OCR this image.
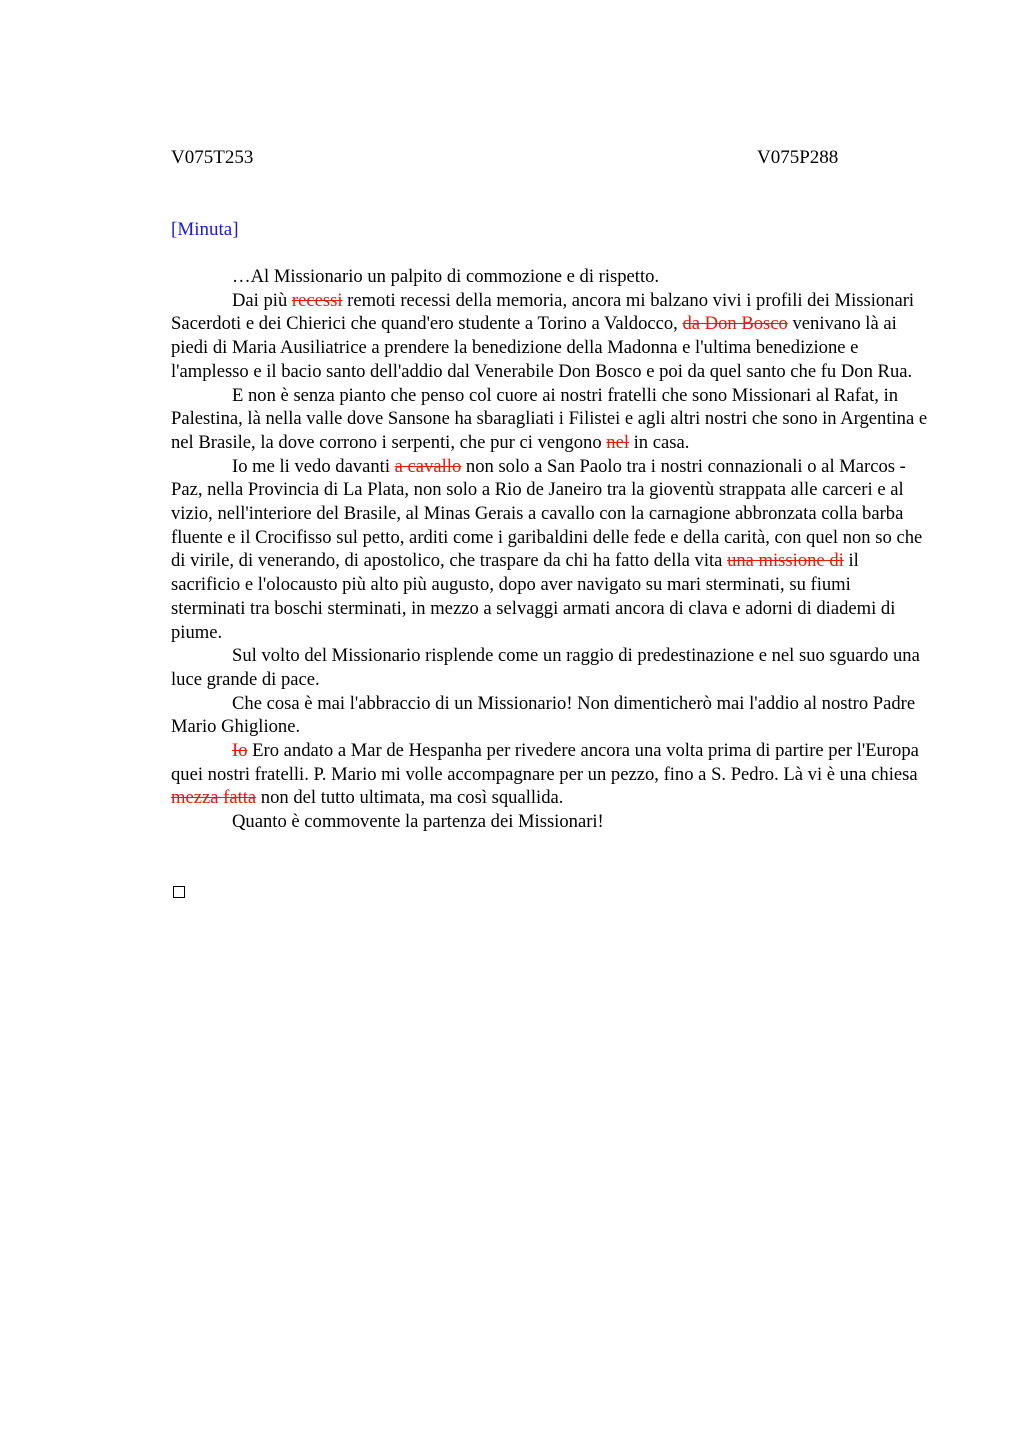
V075T253	V075P288
[Minuta]

…Al Missionario un palpito di commozione e di rispetto.

Dai più recessi remoti recessi della memoria, ancora mi balzano vivi i profili dei Missionari Sacerdoti e dei Chierici che quand'ero studente a Torino a Valdocco, da Don Bosco venivano là ai piedi di Maria Ausiliatrice a prendere la benedizione della Madonna e l'ultima benedizione e l'amplesso e il bacio santo dell'addio dal Venerabile Don Bosco e poi da quel santo che fu Don Rua.

E non è senza pianto che penso col cuore ai nostri fratelli che sono Missionari al Rafat, in Palestina, là nella valle dove Sansone ha sbaragliati i Filistei e agli altri nostri che sono in Argentina e nel Brasile, la dove corrono i serpenti, che pur ci vengono nel in casa.

Io me li vedo davanti a cavallo non solo a San Paolo tra i nostri connazionali o al Marcos - Paz, nella Provincia di La Plata, non solo a Rio de Janeiro tra la gioventù strappata alle carceri e al vizio, nell'interiore del Brasile, al Minas Gerais a cavallo con la carnagione abbronzata colla barba fluente e il Crocifisso sul petto, arditi come i garibaldini delle fede e della carità, con quel non so che di virile, di venerando, di apostolico, che traspare da chi ha fatto della vita una missione di il sacrificio e l'olocausto più alto più augusto, dopo aver navigato su mari sterminati, su fiumi sterminati tra boschi sterminati, in mezzo a selvaggi armati ancora di clava e adorni di diademi di piume.

Sul volto del Missionario risplende come un raggio di predestinazione e nel suo sguardo una luce grande di pace.

Che cosa è mai l'abbraccio di un Missionario! Non dimenticherò mai l'addio al nostro Padre Mario Ghiglione.

Io Ero andato a Mar de Hespanha per rivedere ancora una volta prima di partire per l'Europa quei nostri fratelli. P. Mario mi volle accompagnare per un pezzo, fino a S. Pedro. Là vi è una chiesa mezza fatta non del tutto ultimata, ma così squallida.

Quanto è commovente la partenza dei Missionari!
